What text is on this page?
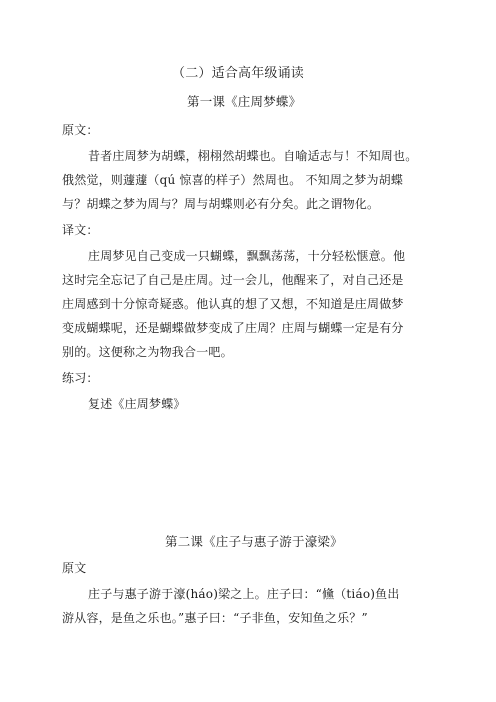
（二）适合高年级诵读
第一课《庄周梦蝶》
原文：
昔者庄周梦为胡蝶，栩栩然胡蝶也。自喻适志与！不知周也。
俄然觉，则蘧蘧（qú 惊喜的样子）然周也。 不知周之梦为胡蝶
与？胡蝶之梦为周与？周与胡蝶则必有分矣。此之谓物化。
译文：
庄周梦见自己变成一只蝴蝶，飘飘荡荡，十分轻松惬意。他
这时完全忘记了自己是庄周。过一会儿，他醒来了，对自己还是
庄周感到十分惊奇疑惑。他认真的想了又想，不知道是庄周做梦
变成蝴蝶呢，还是蝴蝶做梦变成了庄周？庄周与蝴蝶一定是有分
别的。这便称之为物我合一吧。
练习：
复述《庄周梦蝶》
第二课《庄子与惠子游于濠梁》
原文
庄子与惠子游于濠(háo)梁之上。庄子曰：“儵（tiáo)鱼出
游从容，是鱼之乐也。”惠子曰：“子非鱼，安知鱼之乐？”
